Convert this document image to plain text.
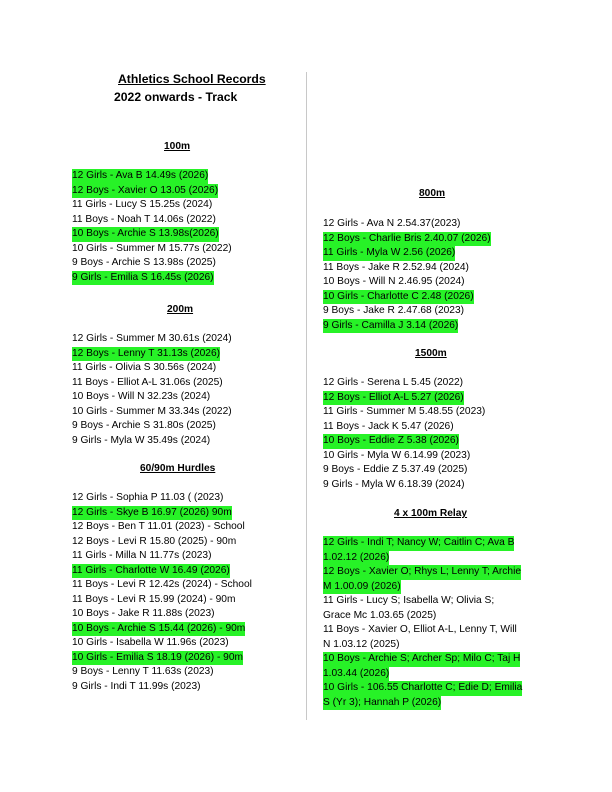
Athletics School Records
2022 onwards - Track
100m
200m
60/90m Hurdles
12 Girls - Ava B 14.49s (2026)
12 Boys - Xavier O 13.05 (2026)
11 Girls - Lucy S 15.25s (2024)
11 Boys - Noah T 14.06s (2022)
10 Boys - Archie S 13.98s(2026)
10 Girls - Summer M 15.77s (2022)
9 Boys - Archie S 13.98s (2025)
9 Girls - Emilia S 16.45s (2026)
12 Girls - Summer M 30.61s (2024)
12 Boys - Lenny T 31.13s (2026)
11 Girls - Olivia S 30.56s (2024)
11 Boys - Elliot A-L 31.06s (2025)
10 Boys - Will N 32.23s (2024)
10 Girls - Summer M 33.34s (2022)
9 Boys - Archie S 31.80s (2025)
9 Girls - Myla W 35.49s (2024)
12 Girls - Sophia P 11.03 ( (2023)
12 Girls - Skye B 16.97 (2026) 90m
12 Boys - Ben T 11.01 (2023) - School
12 Boys - Levi R 15.80 (2025) - 90m
11 Girls - Milla N 11.77s (2023)
11 Girls - Charlotte W 16.49 (2026)
11 Boys - Levi R 12.42s (2024) - School
11 Boys - Levi R 15.99 (2024) - 90m
10 Boys - Jake R 11.88s (2023)
10 Boys - Archie S 15.44 (2026) - 90m
10 Girls - Isabella W 11.96s (2023)
10 Girls - Emilia S 18.19 (2026) - 90m
9 Boys - Lenny T 11.63s (2023)
9 Girls - Indi T 11.99s (2023)
800m
1500m
4 x 100m Relay
12 Girls - Ava N 2.54.37(2023)
12 Boys - Charlie Bris 2.40.07 (2026)
11 Girls - Myla W 2.56 (2026)
11 Boys - Jake R 2.52.94 (2024)
10 Boys - Will N 2.46.95 (2024)
10 Girls - Charlotte C 2.48 (2026)
9 Boys - Jake R 2.47.68 (2023)
9 Girls - Camilla J 3.14 (2026)
12 Girls - Serena L 5.45 (2022)
12 Boys - Elliot A-L 5.27 (2026)
11 Girls - Summer M 5.48.55 (2023)
11 Boys - Jack K 5.47 (2026)
10 Boys - Eddie Z 5.38 (2026)
10 Girls - Myla W 6.14.99 (2023)
9 Boys - Eddie Z 5.37.49 (2025)
9 Girls - Myla W 6.18.39 (2024)
12 Girls - Indi T; Nancy W; Caitlin C; Ava B
1.02.12 (2026)
12 Boys - Xavier O; Rhys L; Lenny T; Archie
M 1.00.09 (2026)
11 Girls - Lucy S; Isabella W; Olivia S;
Grace Mc 1.03.65 (2025)
11 Boys - Xavier O, Elliot A-L, Lenny T, Will
N 1.03.12 (2025)
10 Boys - Archie S; Archer Sp; Milo C; Taj H
1.03.44 (2026)
10 Girls - 106.55 Charlotte C; Edie D; Emilia
S (Yr 3); Hannah P (2026)
